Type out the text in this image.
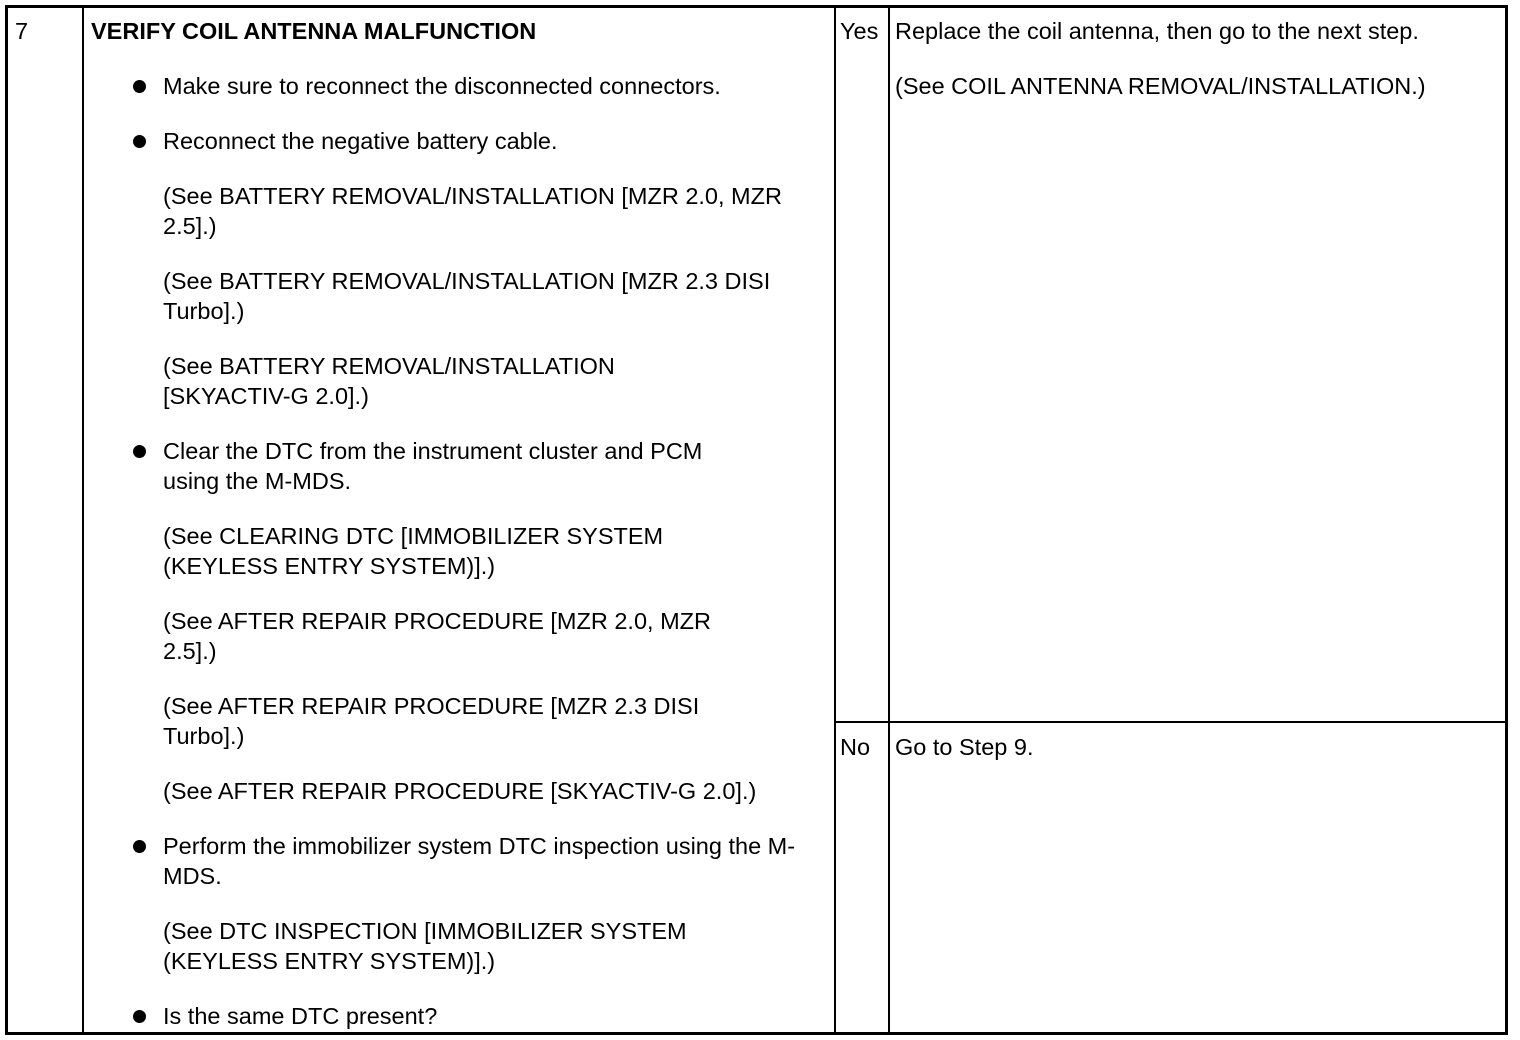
7	VERIFY COIL ANTENNA MALFUNCTION
Make sure to reconnect the disconnected connectors.
Reconnect the negative battery cable.
(See BATTERY REMOVAL/INSTALLATION [MZR 2.0, MZR 2.5].)
(See BATTERY REMOVAL/INSTALLATION [MZR 2.3 DISI Turbo].)
(See BATTERY REMOVAL/INSTALLATION [SKYACTIV-G 2.0].)
Clear the DTC from the instrument cluster and PCM using the M-MDS.
(See CLEARING DTC [IMMOBILIZER SYSTEM (KEYLESS ENTRY SYSTEM)].)
(See AFTER REPAIR PROCEDURE [MZR 2.0, MZR 2.5].)
(See AFTER REPAIR PROCEDURE [MZR 2.3 DISI Turbo].)
(See AFTER REPAIR PROCEDURE [SKYACTIV-G 2.0].)
Perform the immobilizer system DTC inspection using the M-MDS.
(See DTC INSPECTION [IMMOBILIZER SYSTEM (KEYLESS ENTRY SYSTEM)].)
Is the same DTC present?
Yes Replace the coil antenna, then go to the next step.
(See COIL ANTENNA REMOVAL/INSTALLATION.)
No Go to Step 9.
